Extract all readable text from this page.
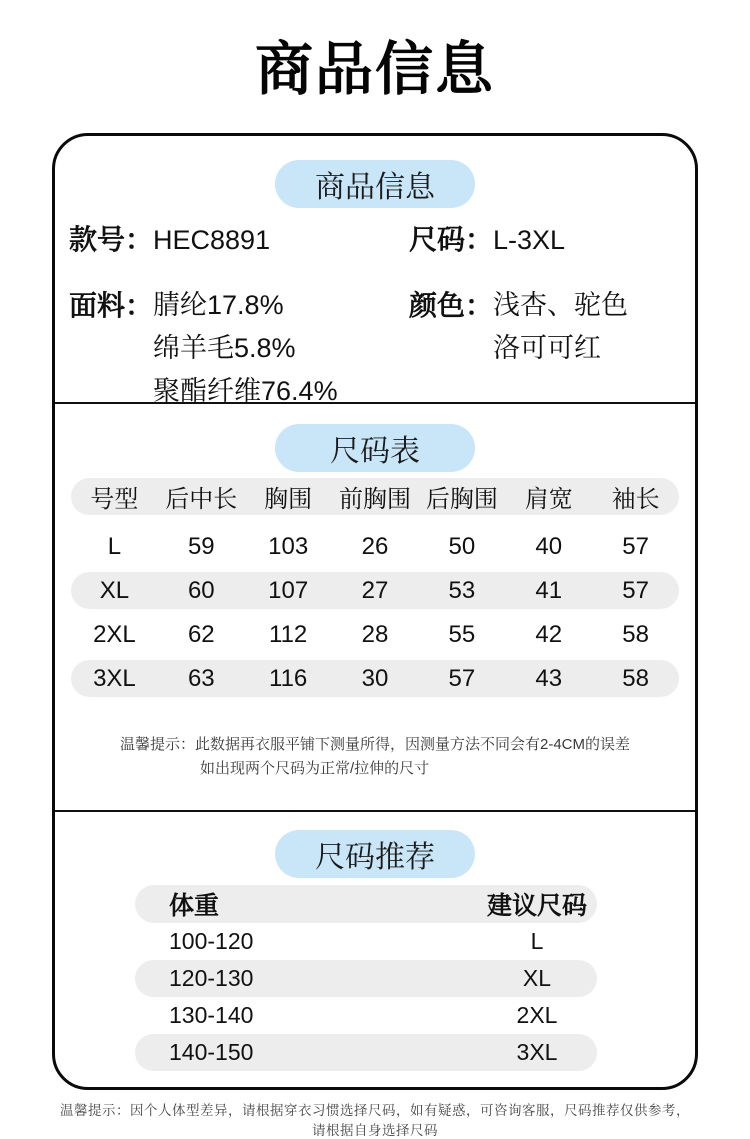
商品信息
商品信息
款号： HEC8891	尺码： L-3XL
面料： 腈纶17.8%
绵羊毛5.8%
聚酯纤维76.4%
颜色： 浅杏、驼色
洛可可红
尺码表
号型	后中长	胸围	前胸围 后胸围	肩宽	袖长
L	59	103	26	50	40	57
XL	60	107	27	53	41	57
2XL	62	112	28	55	42	58
3XL	63	116	30	57	43	58
温馨提示：此数据再衣服平铺下测量所得，因测量方法不同会有2-4CM的误差
如出现两个尺码为正常/拉伸的尺寸
尺码推荐
体重	建议尺码
100-120	L
120-130	XL
130-140	2XL
140-150	3XL
温馨提示：因个人体型差异，请根据穿衣习惯选择尺码，如有疑惑，可咨询客服，尺码推荐仅供参考，请根据自身选择尺码
